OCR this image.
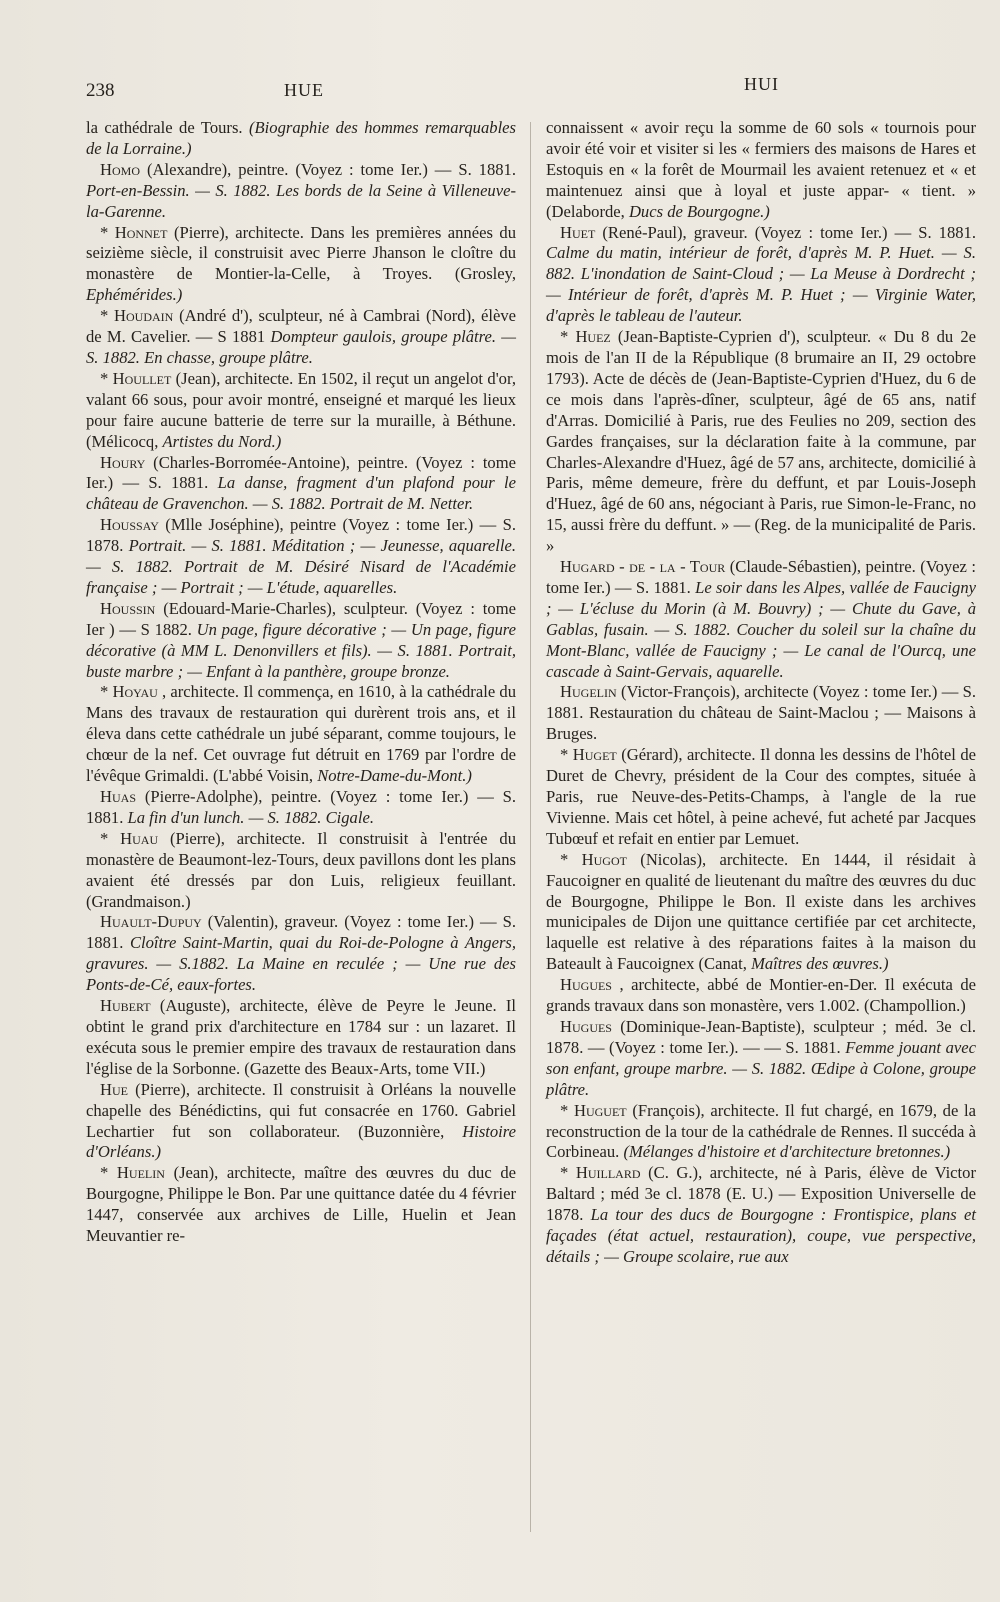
238	HUE	HUI

la cathédrale de Tours. (Biographie des hommes remarquables de la Lorraine.)

Homo (Alexandre), peintre. (Voyez : tome Ier.) — S. 1881. Port-en-Bessin. — S. 1882. Les bords de la Seine à Villeneuve-la-Garenne.

* Honnet (Pierre), architecte. Dans les premières années du seizième siècle, il construisit avec Pierre Jhanson le cloître du monastère de Montier-la-Celle, à Troyes. (Grosley, Ephémérides.)

* Houdain (André d'), sculpteur, né à Cambrai (Nord), élève de M. Cavelier. — S 1881 Dompteur gaulois, groupe plâtre. — S. 1882. En chasse, groupe plâtre.

* Houllet (Jean), architecte. En 1502, il reçut un angelot d'or, valant 66 sous, pour avoir montré, enseigné et marqué les lieux pour faire aucune batterie de terre sur la muraille, à Béthune. (Mélicocq, Artistes du Nord.)

Houry (Charles-Borromée-Antoine), peintre. (Voyez : tome Ier.) — S. 1881. La danse, fragment d'un plafond pour le château de Gravenchon. — S. 1882. Portrait de M. Netter.

Houssay (Mlle Joséphine), peintre (Voyez : tome Ier.) — S. 1878. Portrait. — S. 1881. Méditation ; — Jeunesse, aquarelle. — S. 1882. Portrait de M. Désiré Nisard de l'Académie française ; — Portrait ; — L'étude, aquarelles.

Houssin (Edouard-Marie-Charles), sculpteur. (Voyez : tome Ier ) — S 1882. Un page, figure décorative ; — Un page, figure décorative (à MM L. Denonvillers et fils). — S. 1881. Portrait, buste marbre ; — Enfant à la panthère, groupe bronze.

* Hoyau , architecte. Il commença, en 1610, à la cathédrale du Mans des travaux de restauration qui durèrent trois ans, et il éleva dans cette cathédrale un jubé séparant, comme toujours, le chœur de la nef. Cet ouvrage fut détruit en 1769 par l'ordre de l'évêque Grimaldi. (L'abbé Voisin, Notre-Dame-du-Mont.)

Huas (Pierre-Adolphe), peintre. (Voyez : tome Ier.) — S. 1881. La fin d'un lunch. — S. 1882. Cigale.

* Huau (Pierre), architecte. Il construisit à l'entrée du monastère de Beaumont-lez-Tours, deux pavillons dont les plans avaient été dressés par don Luis, religieux feuillant. (Grandmaison.)

Huault-Dupuy (Valentin), graveur. (Voyez : tome Ier.) — S. 1881. Cloître Saint-Martin, quai du Roi-de-Pologne à Angers, gravures. — S.1882. La Maine en reculée ; — Une rue des Ponts-de-Cé, eaux-fortes.

Hubert (Auguste), architecte, élève de Peyre le Jeune. Il obtint le grand prix d'architecture en 1784 sur : un lazaret. Il exécuta sous le premier empire des travaux de restauration dans l'église de la Sorbonne. (Gazette des Beaux-Arts, tome VII.)

Hue (Pierre), architecte. Il construisit à Orléans la nouvelle chapelle des Bénédictins, qui fut consacrée en 1760. Gabriel Lechartier fut son collaborateur. (Buzonnière, Histoire d'Orléans.)

* Huelin (Jean), architecte, maître des œuvres du duc de Bourgogne, Philippe le Bon. Par une quittance datée du 4 février 1447, conservée aux archives de Lille, Huelin et Jean Meuvantier re-

connaissent « avoir reçu la somme de 60 sols « tournois pour avoir été voir et visiter si les « fermiers des maisons de Hares et Estoquis en « la forêt de Mourmail les avaient retenuez et « et maintenuez ainsi que à loyal et juste appar- « tient. » (Delaborde, Ducs de Bourgogne.)

Huet (René-Paul), graveur. (Voyez : tome Ier.) — S. 1881. Calme du matin, intérieur de forêt, d'après M. P. Huet. — S. 882. L'inondation de Saint-Cloud ; — La Meuse à Dordrecht ; — Intérieur de forêt, d'après M. P. Huet ; — Virginie Water, d'après le tableau de l'auteur.

* Huez (Jean-Baptiste-Cyprien d'), sculpteur. « Du 8 du 2e mois de l'an II de la République (8 brumaire an II, 29 octobre 1793). Acte de décès de (Jean-Baptiste-Cyprien d'Huez, du 6 de ce mois dans l'après-dîner, sculpteur, âgé de 65 ans, natif d'Arras. Domicilié à Paris, rue des Feulies no 209, section des Gardes françaises, sur la déclaration faite à la commune, par Charles-Alexandre d'Huez, âgé de 57 ans, architecte, domicilié à Paris, même demeure, frère du deffunt, et par Louis-Joseph d'Huez, âgé de 60 ans, négociant à Paris, rue Simon-le-Franc, no 15, aussi frère du deffunt. » — (Reg. de la municipalité de Paris. »

Hugard - de - la - Tour (Claude-Sébastien), peintre. (Voyez : tome Ier.) — S. 1881. Le soir dans les Alpes, vallée de Faucigny ; — L'écluse du Morin (à M. Bouvry) ; — Chute du Gave, à Gablas, fusain. — S. 1882. Coucher du soleil sur la chaîne du Mont-Blanc, vallée de Faucigny ; — Le canal de l'Ourcq, une cascade à Saint-Gervais, aquarelle.

Hugelin (Victor-François), architecte (Voyez : tome Ier.) — S. 1881. Restauration du château de Saint-Maclou ; — Maisons à Bruges.

* Huget (Gérard), architecte. Il donna les dessins de l'hôtel de Duret de Chevry, président de la Cour des comptes, située à Paris, rue Neuve-des-Petits-Champs, à l'angle de la rue Vivienne. Mais cet hôtel, à peine achevé, fut acheté par Jacques Tubœuf et refait en entier par Lemuet.

* Hugot (Nicolas), architecte. En 1444, il résidait à Faucoigner en qualité de lieutenant du maître des œuvres du duc de Bourgogne, Philippe le Bon. Il existe dans les archives municipales de Dijon une quittance certifiée par cet architecte, laquelle est relative à des réparations faites à la maison du Bateault à Faucoignex (Canat, Maîtres des œuvres.)

Hugues , architecte, abbé de Montier-en-Der. Il exécuta de grands travaux dans son monastère, vers 1.002. (Champollion.)

Hugues (Dominique-Jean-Baptiste), sculpteur ; méd. 3e cl. 1878. — (Voyez : tome Ier.). — — S. 1881. Femme jouant avec son enfant, groupe marbre. — S. 1882. Œdipe à Colone, groupe plâtre.

* Huguet (François), architecte. Il fut chargé, en 1679, de la reconstruction de la tour de la cathédrale de Rennes. Il succéda à Corbineau. (Mélanges d'histoire et d'architecture bretonnes.)

* Huillard (C. G.), architecte, né à Paris, élève de Victor Baltard ; méd 3e cl. 1878 (E. U.) — Exposition Universelle de 1878. La tour des ducs de Bourgogne : Frontispice, plans et façades (état actuel, restauration), coupe, vue perspective, détails ; — Groupe scolaire, rue aux
